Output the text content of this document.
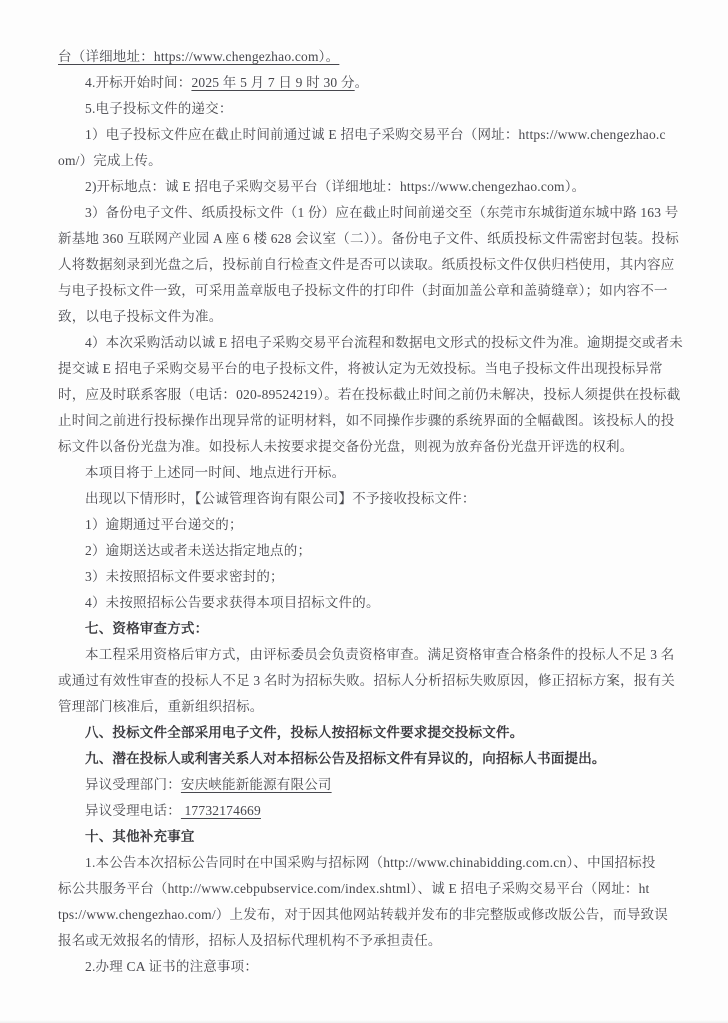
台（详细地址：https://www.chengezhao.com）。
4.开标开始时间：2025 年 5 月 7 日 9 时 30 分。
5.电子投标文件的递交：
1）电子投标文件应在截止时间前通过诚 E 招电子采购交易平台（网址：https://www.chengezhao.c
om/）完成上传。
2)开标地点：诚 E 招电子采购交易平台（详细地址：https://www.chengezhao.com）。
3）备份电子文件、纸质投标文件（1 份）应在截止时间前递交至（东莞市东城街道东城中路 163 号
新基地 360 互联网产业园 A 座 6 楼 628 会议室（二））。备份电子文件、纸质投标文件需密封包装。投标
人将数据刻录到光盘之后，投标前自行检查文件是否可以读取。纸质投标文件仅供归档使用，其内容应
与电子投标文件一致，可采用盖章版电子投标文件的打印件（封面加盖公章和盖骑缝章）；如内容不一
致，以电子投标文件为准。
4）本次采购活动以诚 E 招电子采购交易平台流程和数据电文形式的投标文件为准。逾期提交或者未
提交诚 E 招电子采购交易平台的电子投标文件，将被认定为无效投标。当电子投标文件出现投标异常
时，应及时联系客服（电话：020-89524219）。若在投标截止时间之前仍未解决，投标人须提供在投标截
止时间之前进行投标操作出现异常的证明材料，如不同操作步骤的系统界面的全幅截图。该投标人的投
标文件以备份光盘为准。如投标人未按要求提交备份光盘，则视为放弃备份光盘开评选的权利。
本项目将于上述同一时间、地点进行开标。
出现以下情形时，【公诚管理咨询有限公司】不予接收投标文件：
1）逾期通过平台递交的；
2）逾期送达或者未送达指定地点的；
3）未按照招标文件要求密封的；
4）未按照招标公告要求获得本项目招标文件的。
七、资格审查方式：
本工程采用资格后审方式，由评标委员会负责资格审查。满足资格审查合格条件的投标人不足 3 名
或通过有效性审查的投标人不足 3 名时为招标失败。招标人分析招标失败原因，修正招标方案，报有关
管理部门核准后，重新组织招标。
八、投标文件全部采用电子文件，投标人按招标文件要求提交投标文件。
九、潜在投标人或利害关系人对本招标公告及招标文件有异议的，向招标人书面提出。
异议受理部门：安庆峡能新能源有限公司
异议受理电话： 17732174669
十、其他补充事宜
1.本公告本次招标公告同时在中国采购与招标网（http://www.chinabidding.com.cn）、中国招标投
标公共服务平台（http://www.cebpubservice.com/index.shtml）、诚 E 招电子采购交易平台（网址：ht
tps://www.chengezhao.com/）上发布，对于因其他网站转载并发布的非完整版或修改版公告，而导致误
报名或无效报名的情形，招标人及招标代理机构不予承担责任。
2.办理 CA 证书的注意事项：
